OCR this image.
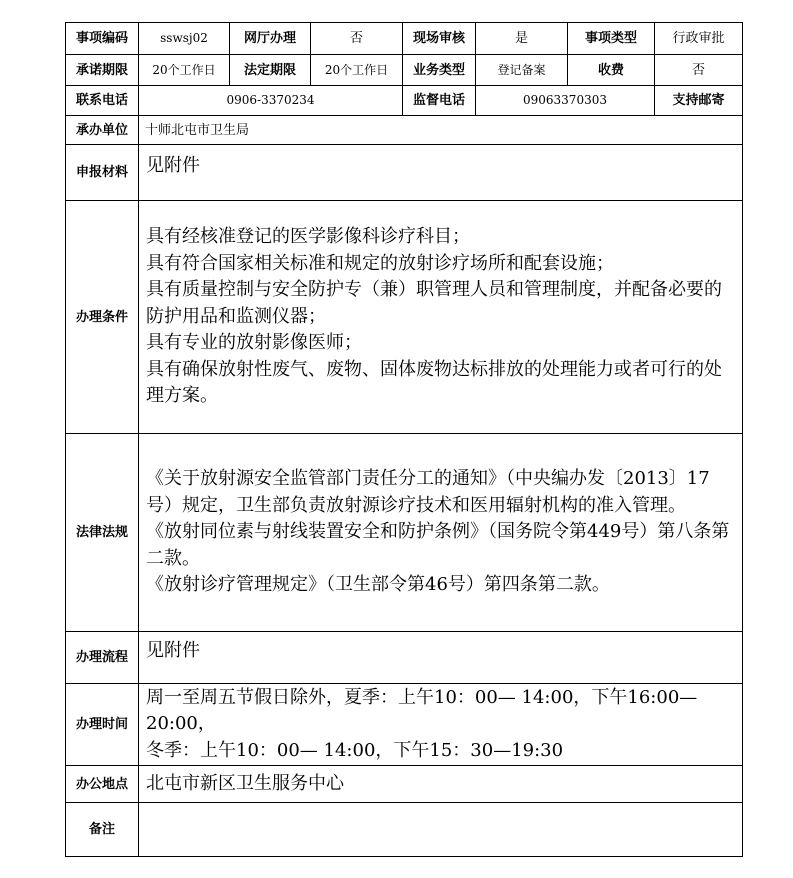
事项编码	sswsj02	网厅办理	否	现场审核	是	事项类型	行政审批
承诺期限	20个工作日	法定期限	20个工作日	业务类型	登记备案	收费	否
联系电话	0906-3370234			监督电话	09063370303		支持邮寄
承办单位	十师北屯市卫生局						
申报材料	见附件						
办理条件	具有经核准登记的医学影像科诊疗科目；
具有符合国家相关标准和规定的放射诊疗场所和配套设施；
具有质量控制与安全防护专（兼）职管理人员和管理制度，并配备必要的防护用品和监测仪器；
具有专业的放射影像医师；
具有确保放射性废气、废物、固体废物达标排放的处理能力或者可行的处理方案。						

法律法规	《关于放射源安全监管部门责任分工的通知》（中央编办发〔2013〕17号）规定，卫生部负责放射源诊疗技术和医用辐射机构的准入管理。
《放射同位素与射线装置安全和防护条例》（国务院令第449号）第八条第二款。
《放射诊疗管理规定》（卫生部令第46号）第四条第二款。						

办理流程	见附件						
办理时间	周一至周五节假日除外，夏季：上午10：00— 14:00，下午16:00—20:00，
冬季：上午10：00— 14:00，下午15：30—19:30						

办公地点	北屯市新区卫生服务中心						
备注							
